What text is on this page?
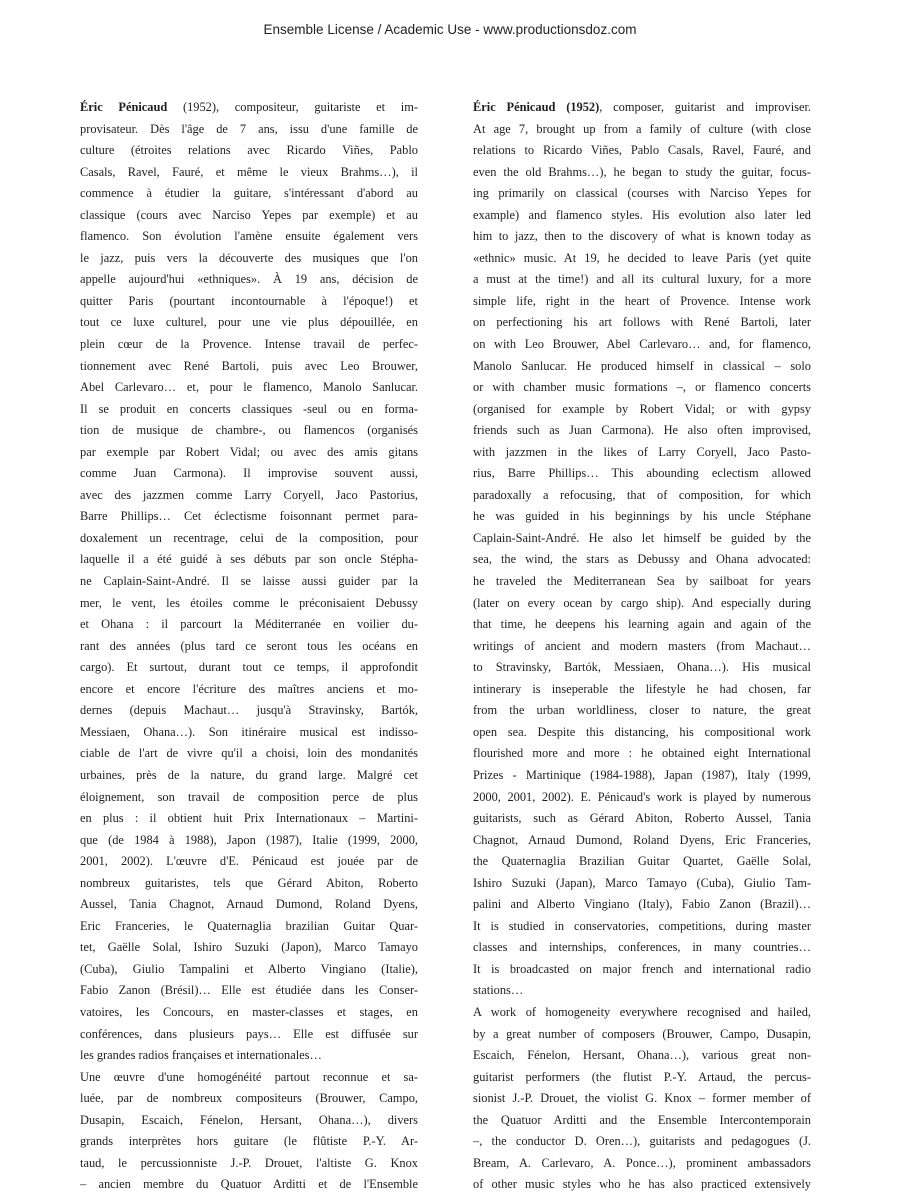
Ensemble License / Academic Use - www.productionsdoz.com
Éric Pénicaud (1952), compositeur, guitariste et im-
provisateur. Dès l'âge de 7 ans, issu d'une famille de
culture (étroites relations avec Ricardo Viñes, Pablo
Casals, Ravel, Fauré, et même le vieux Brahms…), il
commence à étudier la guitare, s'intéressant d'abord au
classique (cours avec Narciso Yepes par exemple) et au
flamenco. Son évolution l'amène ensuite également vers
le jazz, puis vers la découverte des musiques que l'on
appelle aujourd'hui «ethniques». À 19 ans, décision de
quitter Paris (pourtant incontournable à l'époque!) et
tout ce luxe culturel, pour une vie plus dépouillée, en
plein cœur de la Provence. Intense travail de perfec-
tionnement avec René Bartoli, puis avec Leo Brouwer,
Abel Carlevaro… et, pour le flamenco, Manolo Sanlucar.
Il se produit en concerts classiques -seul ou en forma-
tion de musique de chambre-, ou flamencos (organisés
par exemple par Robert Vidal; ou avec des amis gitans
comme Juan Carmona). Il improvise souvent aussi,
avec des jazzmen comme Larry Coryell, Jaco Pastorius,
Barre Phillips… Cet éclectisme foisonnant permet para-
doxalement un recentrage, celui de la composition, pour
laquelle il a été guidé à ses débuts par son oncle Stépha-
ne Caplain-Saint-André. Il se laisse aussi guider par la
mer, le vent, les étoiles comme le préconisaient Debussy
et Ohana : il parcourt la Méditerranée en voilier du-
rant des années (plus tard ce seront tous les océans en
cargo). Et surtout, durant tout ce temps, il approfondit
encore et encore l'écriture des maîtres anciens et mo-
dernes (depuis Machaut… jusqu'à Stravinsky, Bartók,
Messiaen, Ohana…). Son itinéraire musical est indisso-
ciable de l'art de vivre qu'il a choisi, loin des mondanités
urbaines, près de la nature, du grand large. Malgré cet
éloignement, son travail de composition perce de plus
en plus : il obtient huit Prix Internationaux – Martini-
que (de 1984 à 1988), Japon (1987), Italie (1999, 2000,
2001, 2002). L'œuvre d'E. Pénicaud est jouée par de
nombreux guitaristes, tels que Gérard Abiton, Roberto
Aussel, Tania Chagnot, Arnaud Dumond, Roland Dyens,
Eric Franceries, le Quaternaglia brazilian Guitar Quar-
tet, Gaëlle Solal, Ishiro Suzuki (Japon), Marco Tamayo
(Cuba), Giulio Tampalini et Alberto Vingiano (Italie),
Fabio Zanon (Brésil)… Elle est étudiée dans les Conser-
vatoires, les Concours, en master-classes et stages, en
conférences, dans plusieurs pays… Elle est diffusée sur
les grandes radios françaises et internationales…
Une œuvre d'une homogénéité partout reconnue et sa-
luée, par de nombreux compositeurs (Brouwer, Campo,
Dusapin, Escaich, Fénelon, Hersant, Ohana…), divers
grands interprètes hors guitare (le flûtiste P.-Y. Ar-
taud, le percussionniste J.-P. Drouet, l'altiste G. Knox
– ancien membre du Quatuor Arditti et de l'Ensemble
Éric Pénicaud (1952), composer, guitarist and improviser.
At age 7, brought up from a family of culture (with close
relations to Ricardo Viñes, Pablo Casals, Ravel, Fauré, and
even the old Brahms…), he began to study the guitar, focus-
ing primarily on classical (courses with Narciso Yepes for
example) and flamenco styles. His evolution also later led
him to jazz, then to the discovery of what is known today as
«ethnic» music. At 19, he decided to leave Paris (yet quite
a must at the time!) and all its cultural luxury, for a more
simple life, right in the heart of Provence. Intense work
on perfectioning his art follows with René Bartoli, later
on with Leo Brouwer, Abel Carlevaro… and, for flamenco,
Manolo Sanlucar. He produced himself in classical – solo
or with chamber music formations –, or flamenco concerts
(organised for example by Robert Vidal; or with gypsy
friends such as Juan Carmona). He also often improvised,
with jazzmen in the likes of Larry Coryell, Jaco Pasto-
rius, Barre Phillips… This abounding eclectism allowed
paradoxally a refocusing, that of composition, for which
he was guided in his beginnings by his uncle Stéphane
Caplain-Saint-André. He also let himself be guided by the
sea, the wind, the stars as Debussy and Ohana advocated:
he traveled the Mediterranean Sea by sailboat for years
(later on every ocean by cargo ship). And especially during
that time, he deepens his learning again and again of the
writings of ancient and modern masters (from Machaut…
to Stravinsky, Bartók, Messiaen, Ohana…). His musical
intinerary is inseperable the lifestyle he had chosen, far
from the urban worldliness, closer to nature, the great
open sea. Despite this distancing, his compositional work
flourished more and more : he obtained eight International
Prizes - Martinique (1984-1988), Japan (1987), Italy (1999,
2000, 2001, 2002). E. Pénicaud's work is played by numerous
guitarists, such as Gérard Abiton, Roberto Aussel, Tania
Chagnot, Arnaud Dumond, Roland Dyens, Eric Franceries,
the Quaternaglia Brazilian Guitar Quartet, Gaëlle Solal,
Ishiro Suzuki (Japan), Marco Tamayo (Cuba), Giulio Tam-
palini and Alberto Vingiano (Italy), Fabio Zanon (Brazil)…
It is studied in conservatories, competitions, during master
classes and internships, conferences, in many countries…
It is broadcasted on major french and international radio
stations…
A work of homogeneity everywhere recognised and hailed,
by a great number of composers (Brouwer, Campo, Dusapin,
Escaich, Fénelon, Hersant, Ohana…), various great non-
guitarist performers (the flutist P.-Y. Artaud, the percus-
sionist J.-P. Drouet, the violist G. Knox – former member of
the Quatuor Arditti and the Ensemble Intercontemporain
–, the conductor D. Oren…), guitarists and pedagogues (J.
Bream, A. Carlevaro, A. Ponce…), prominent ambassadors
of other music styles who he has also practiced extensively
